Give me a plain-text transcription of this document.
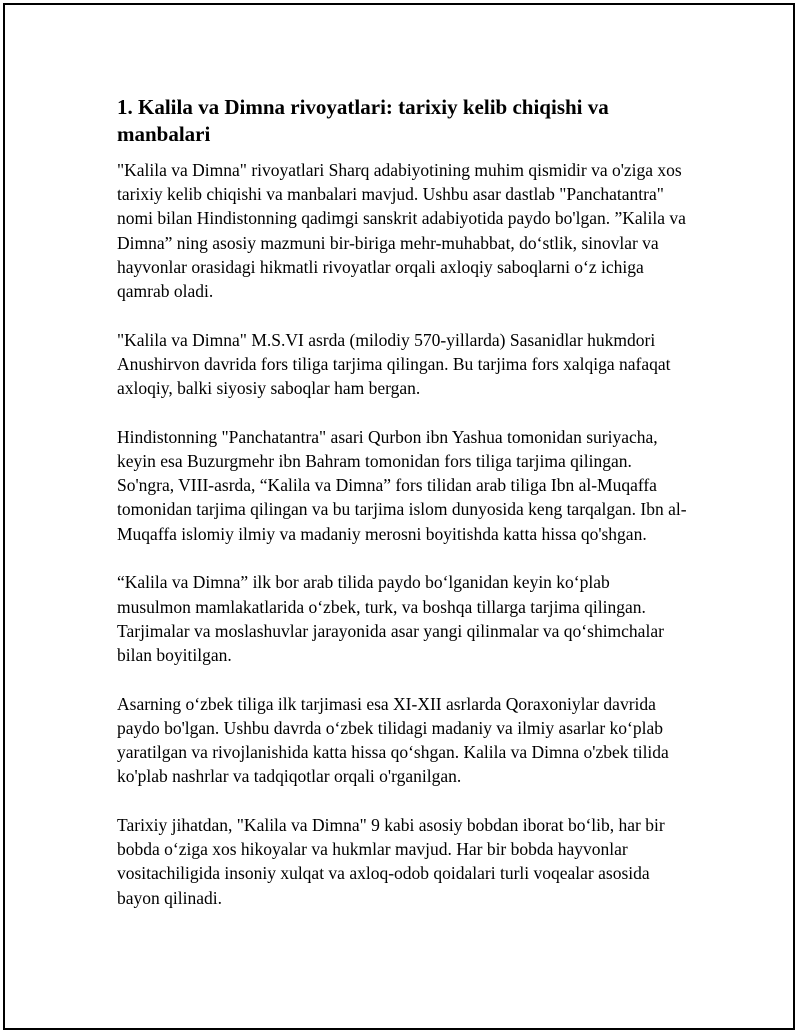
1. Kalila va Dimna rivoyatlari: tarixiy kelib chiqishi va manbalari

"Kalila va Dimna" rivoyatlari Sharq adabiyotining muhim qismidir va o'ziga xos tarixiy kelib chiqishi va manbalari mavjud. Ushbu asar dastlab "Panchatantra" nomi bilan Hindistonning qadimgi sanskrit adabiyotida paydo bo'lgan. ”Kalila va Dimna” ning asosiy mazmuni bir-biriga mehr-muhabbat, do‘stlik, sinovlar va hayvonlar orasidagi hikmatli rivoyatlar orqali axloqiy saboqlarni o‘z ichiga qamrab oladi.

"Kalila va Dimna" M.S.VI asrda (milodiy 570-yillarda) Sasanidlar hukmdori Anushirvon davrida fors tiliga tarjima qilingan. Bu tarjima fors xalqiga nafaqat axloqiy, balki siyosiy saboqlar ham bergan.

Hindistonning "Panchatantra" asari Qurbon ibn Yashua tomonidan suriyacha, keyin esa Buzurgmehr ibn Bahram tomonidan fors tiliga tarjima qilingan. So'ngra, VIII-asrda, “Kalila va Dimna” fors tilidan arab tiliga Ibn al-Muqaffa tomonidan tarjima qilingan va bu tarjima islom dunyosida keng tarqalgan. Ibn al-Muqaffa islomiy ilmiy va madaniy merosni boyitishda katta hissa qo'shgan.

“Kalila va Dimna” ilk bor arab tilida paydo bo‘lganidan keyin ko‘plab musulmon mamlakatlarida o‘zbek, turk, va boshqa tillarga tarjima qilingan. Tarjimalar va moslashuvlar jarayonida asar yangi qilinmalar va qo‘shimchalar bilan boyitilgan.

Asarning o‘zbek tiliga ilk tarjimasi esa XI-XII asrlarda Qoraxoniylar davrida paydo bo'lgan. Ushbu davrda o‘zbek tilidagi madaniy va ilmiy asarlar ko‘plab yaratilgan va rivojlanishida katta hissa qo‘shgan. Kalila va Dimna o'zbek tilida ko'plab nashrlar va tadqiqotlar orqali o'rganilgan.

Tarixiy jihatdan, "Kalila va Dimna" 9 kabi asosiy bobdan iborat bo‘lib, har bir bobda o‘ziga xos hikoyalar va hukmlar mavjud. Har bir bobda hayvonlar vositachiligida insoniy xulqat va axloq-odob qoidalari turli voqealar asosida bayon qilinadi.
